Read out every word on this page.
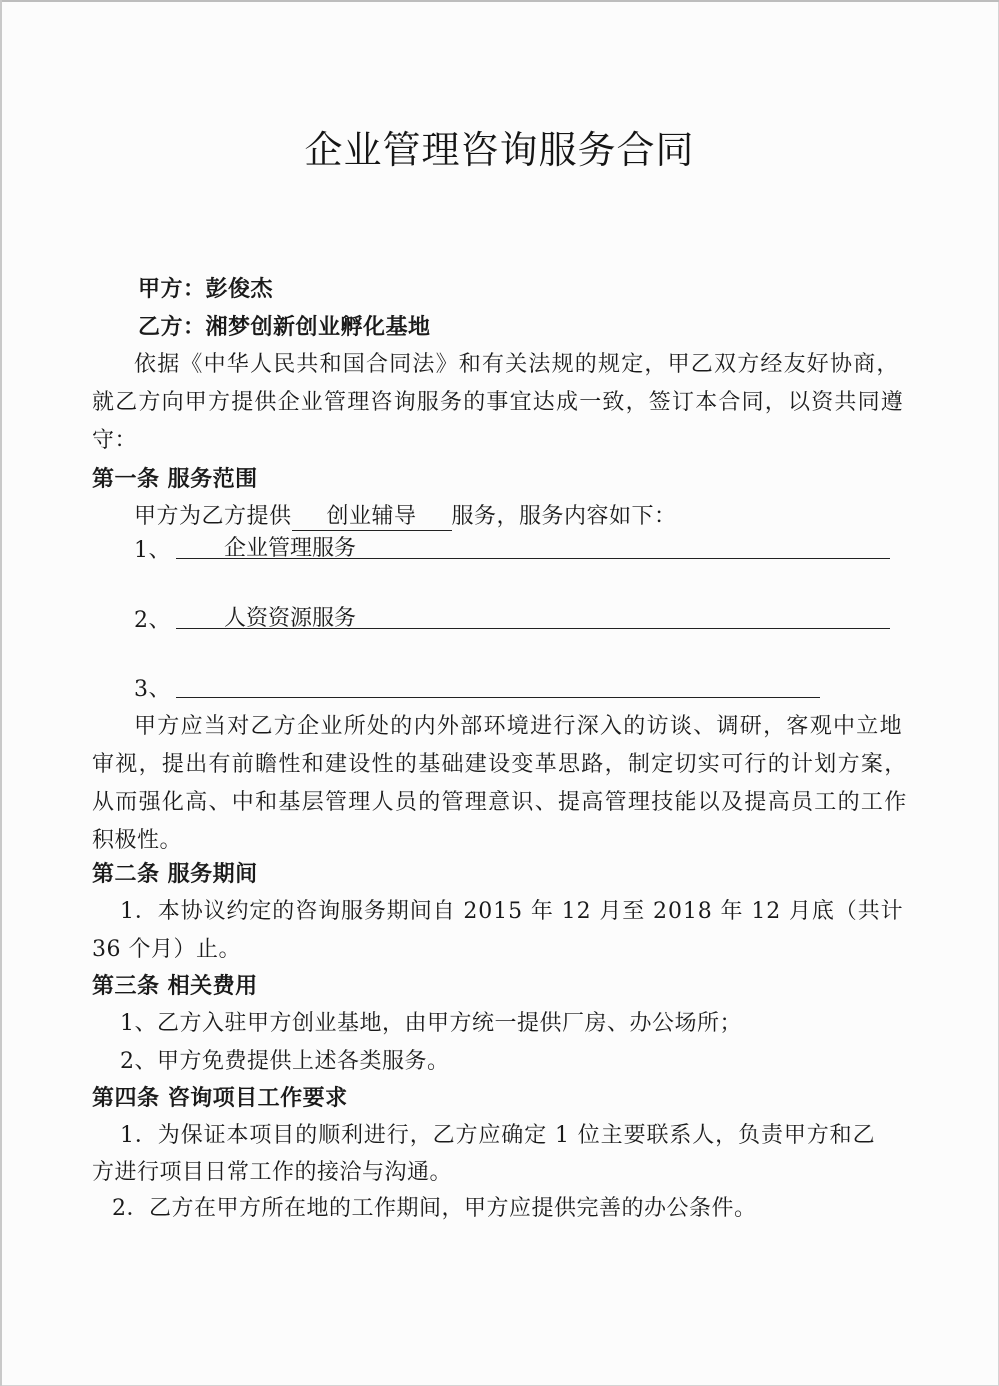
企业管理咨询服务合同
甲方：彭俊杰
乙方：湘梦创新创业孵化基地
依据《中华人民共和国合同法》和有关法规的规定，甲乙双方经友好协商，
就乙方向甲方提供企业管理咨询服务的事宜达成一致，签订本合同，以资共同遵
守：
第一条 服务范围
甲方为乙方提供 创业辅导 服务，服务内容如下：
1、 企业管理服务
2、 人资资源服务
3、
甲方应当对乙方企业所处的内外部环境进行深入的访谈、调研，客观中立地
审视，提出有前瞻性和建设性的基础建设变革思路，制定切实可行的计划方案，
从而强化高、中和基层管理人员的管理意识、提高管理技能以及提高员工的工作
积极性。
第二条 服务期间
1．本协议约定的咨询服务期间自 2015 年 12 月至 2018 年 12 月底（共计
36 个月）止。
第三条 相关费用
1、乙方入驻甲方创业基地，由甲方统一提供厂房、办公场所；
2、甲方免费提供上述各类服务。
第四条 咨询项目工作要求
1．为保证本项目的顺利进行，乙方应确定 1 位主要联系人，负责甲方和乙
方进行项目日常工作的接洽与沟通。
2．乙方在甲方所在地的工作期间，甲方应提供完善的办公条件。
